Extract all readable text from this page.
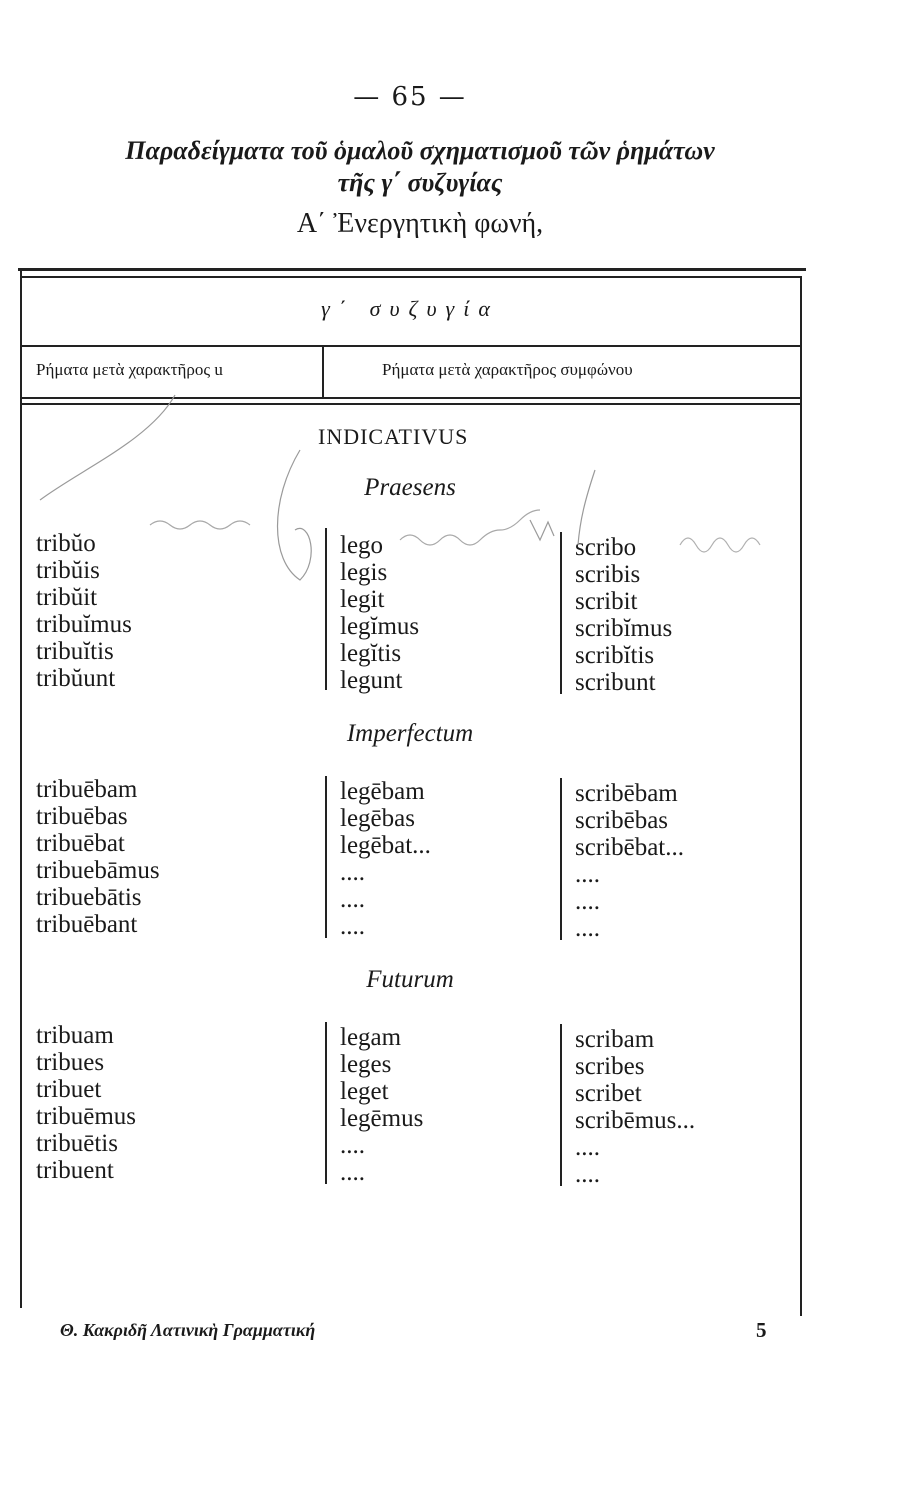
— 65 —
Παραδείγματα τοῦ ὁμαλοῦ σχηματισμοῦ τῶν ῥημάτων
τῆς γ΄ συζυγίας
Α΄ Ἐνεργητικὴ φωνή,
γ΄ συζυγία
Ρήματα μετὰ χαρακτῆρος u	Ρήματα μετὰ χαρακτῆρος συμφώνου
INDICATIVUS
Praesens
tribŭo
tribŭis
tribŭit
tribuĭmus
tribuĭtis
tribŭunt
lego
legis
legit
legĭmus
legĭtis
legunt
scribo
scribis
scribit
scribĭmus
scribĭtis
scribunt
Imperfectum
tribuēbam
tribuēbas
tribuēbat
tribuebāmus
tribuebātis
tribuēbant
legēbam
legēbas
legēbat...
....
....
....
scribēbam
scribēbas
scribēbat...
....
....
....
Futurum
tribuam
tribues
tribuet
tribuēmus
tribuētis
tribuent
legam
leges
leget
legēmus
....
....
scribam
scribes
scribet
scribēmus...
....
....
Θ. Κακριδῆ Λατινικὴ Γραμματική	5
